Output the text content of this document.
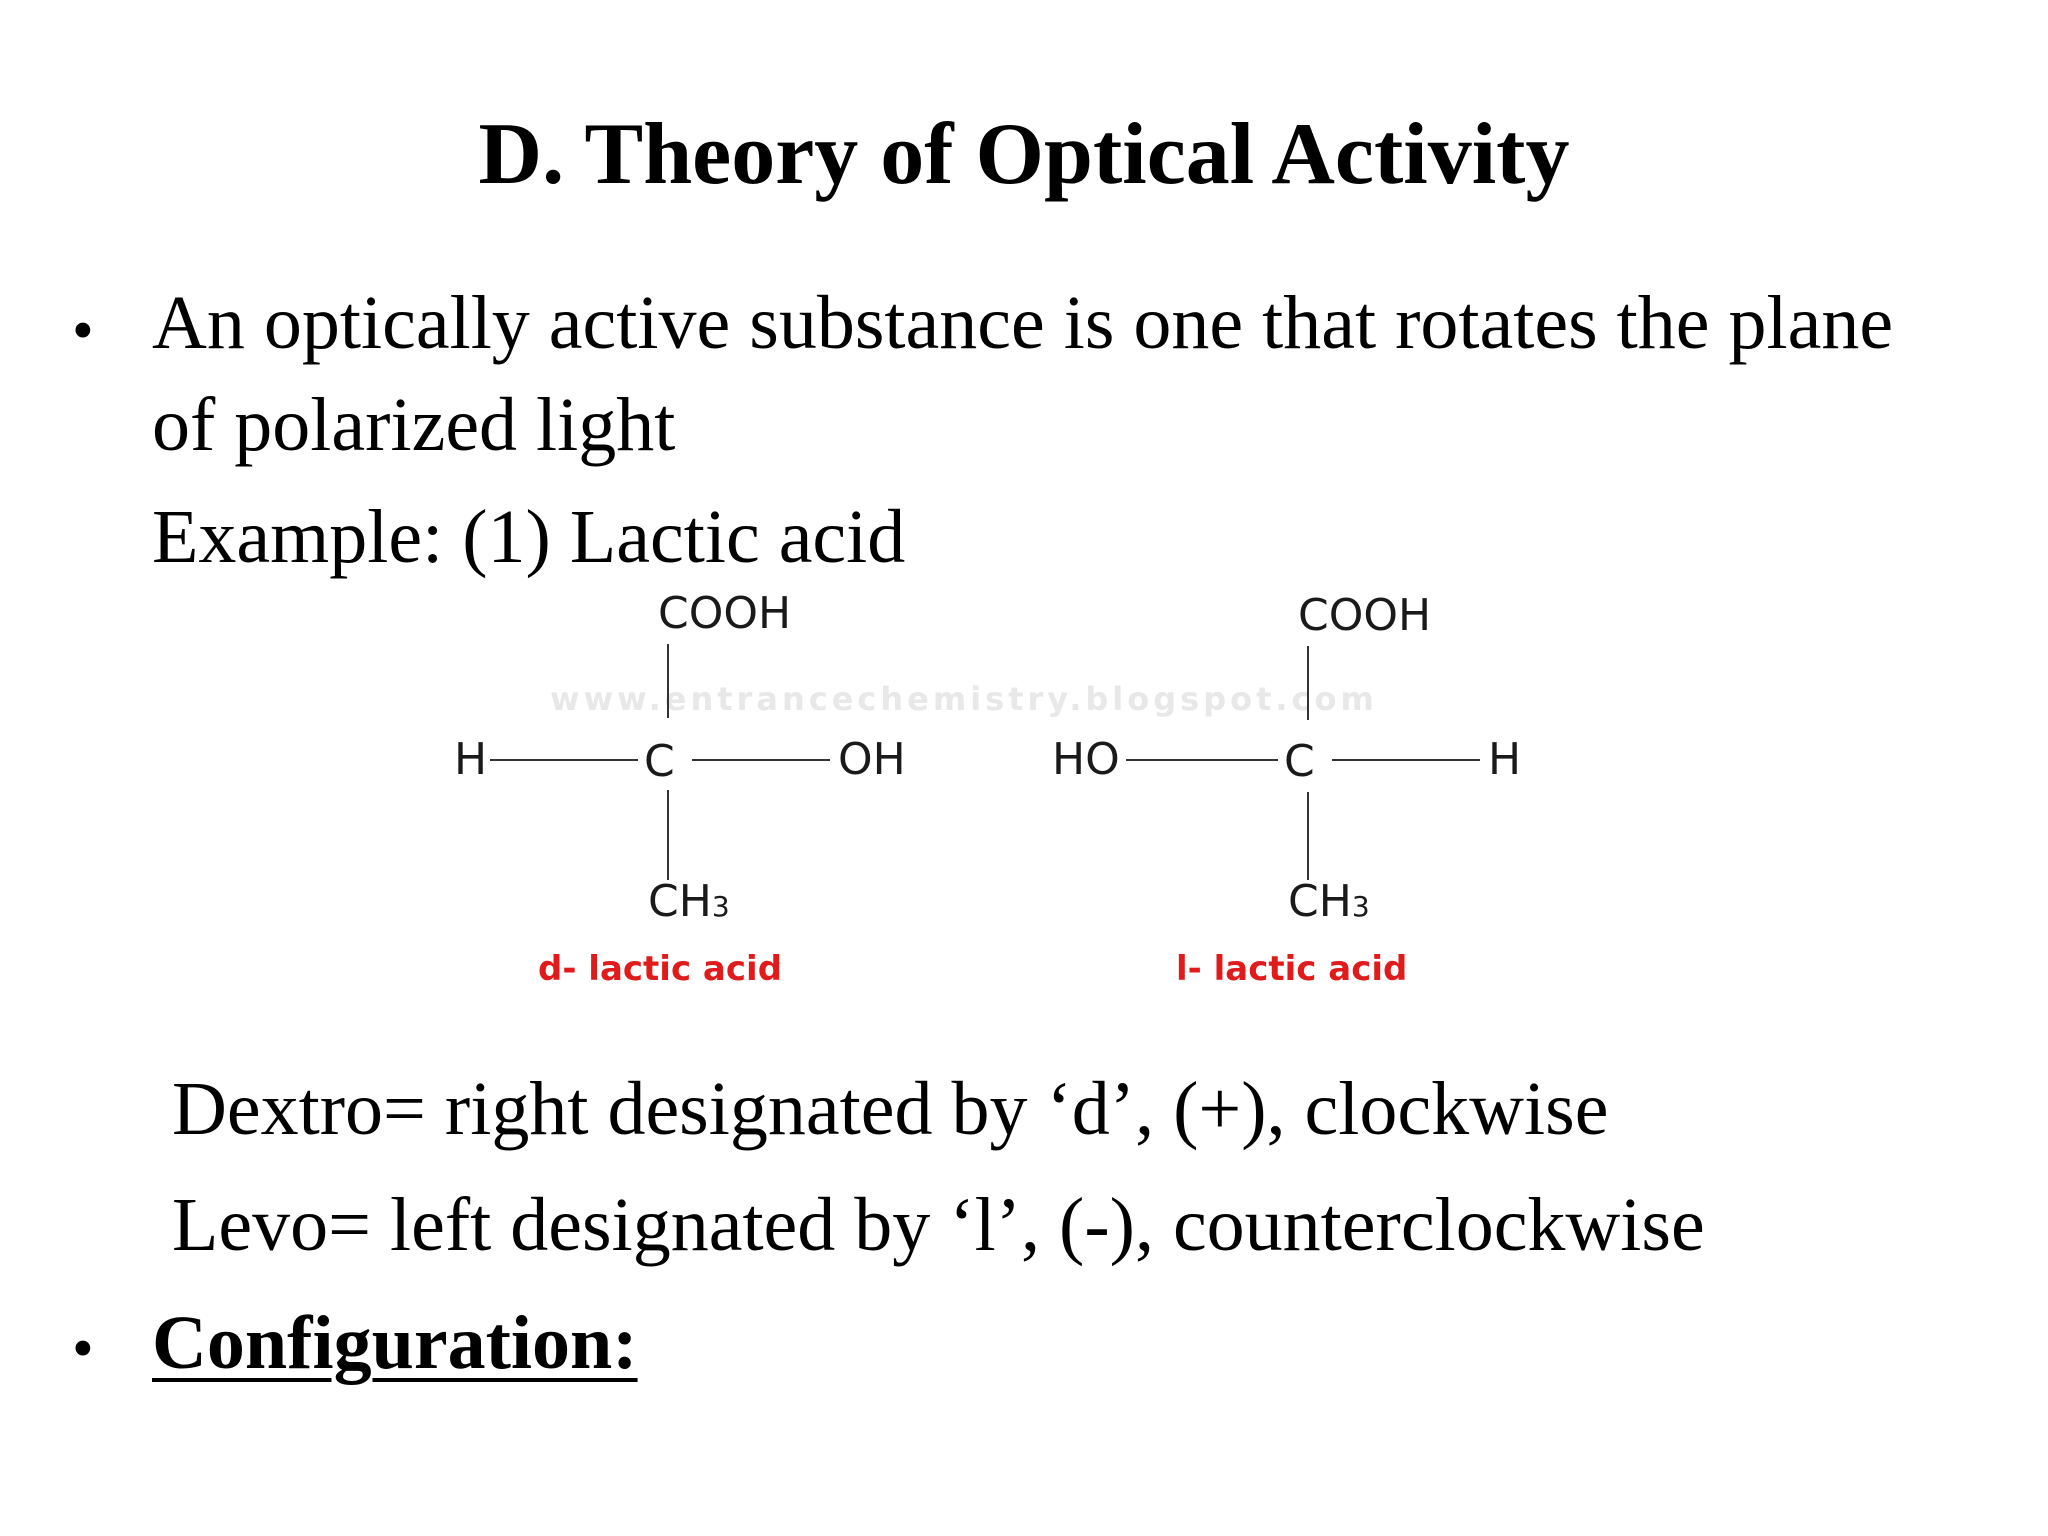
D. Theory of Optical Activity
• An optically active substance is one that rotates the plane
of polarized light
Example: (1) Lactic acid
www.entrancechemistry.blogspot.com
COOH
H	C	OH
CH3
d- lactic acid
COOH
HO	C	H
CH3
l- lactic acid
Dextro= right designated by ‘d’, (+), clockwise
Levo= left designated by ‘l’, (-), counterclockwise
• Configuration:
